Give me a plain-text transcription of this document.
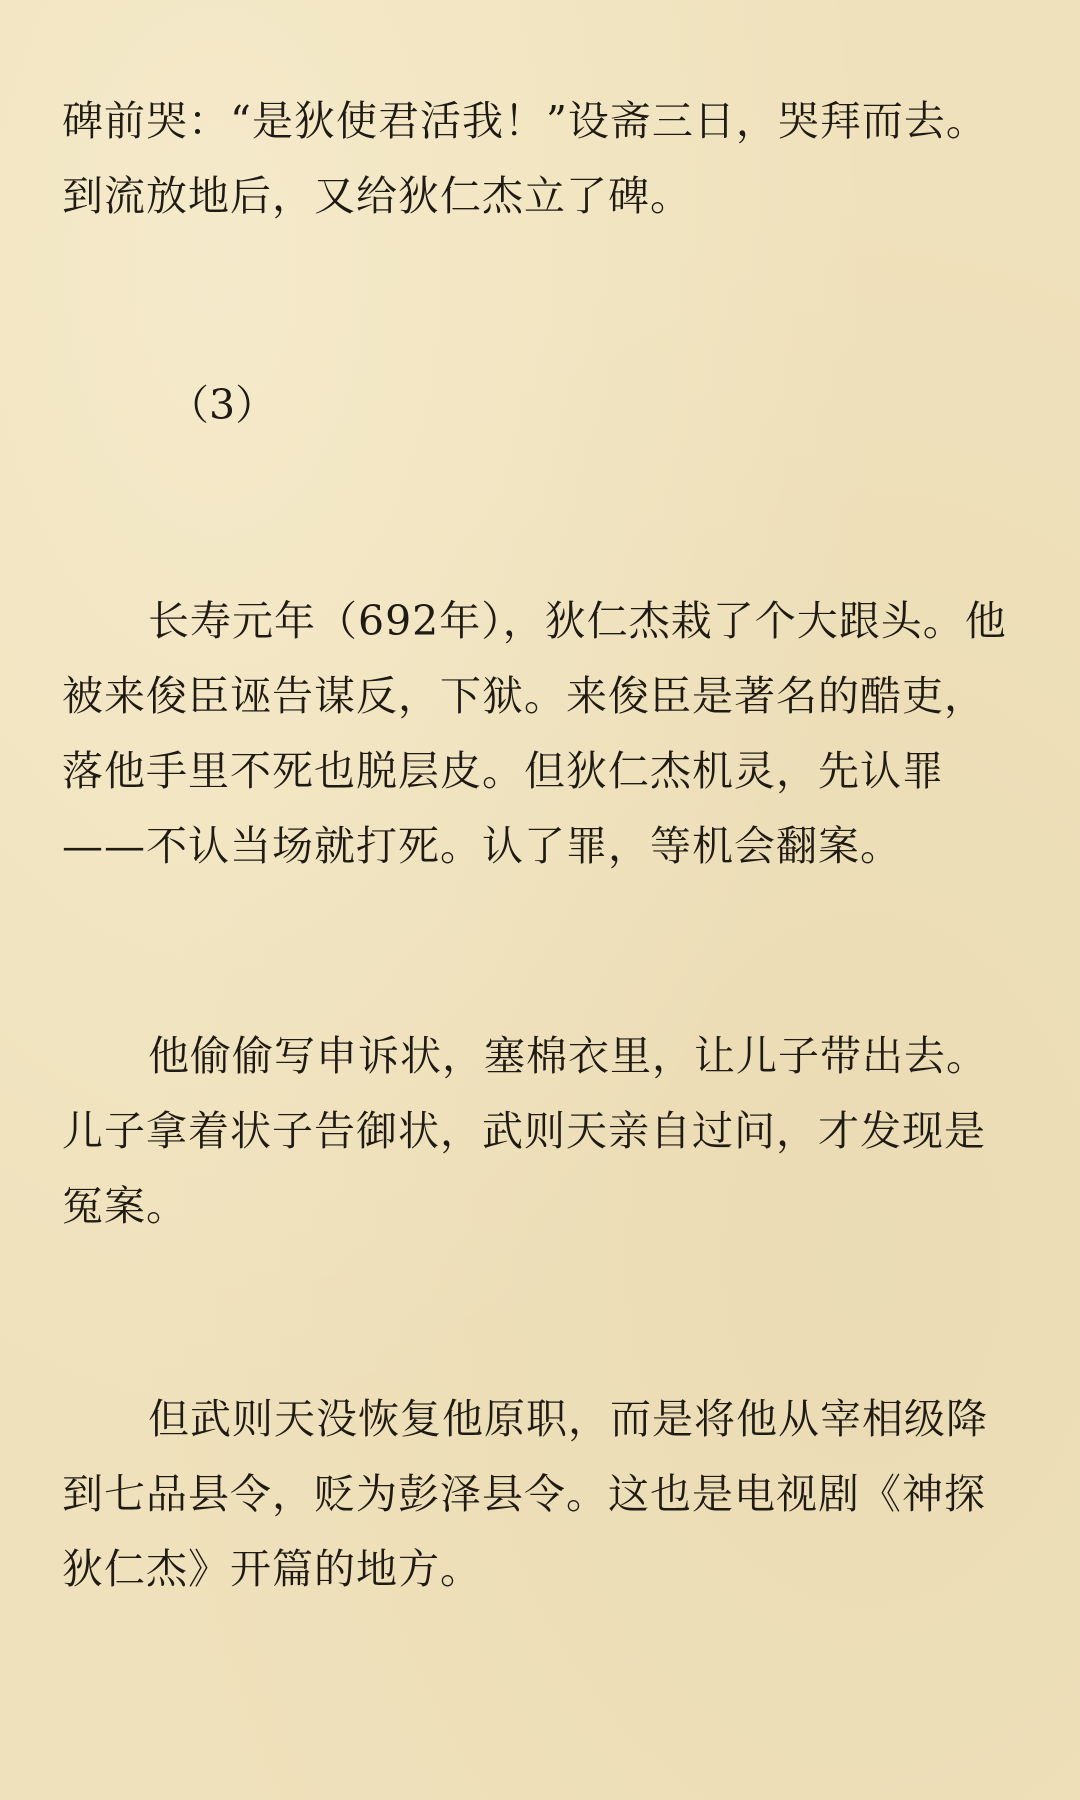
碑前哭：“是狄使君活我！”设斋三日，哭拜而去。到流放地后，又给狄仁杰立了碑。

（3）

长寿元年（692年），狄仁杰栽了个大跟头。他被来俊臣诬告谋反，下狱。来俊臣是著名的酷吏，落他手里不死也脱层皮。但狄仁杰机灵，先认罪——不认当场就打死。认了罪，等机会翻案。

他偷偷写申诉状，塞棉衣里，让儿子带出去。儿子拿着状子告御状，武则天亲自过问，才发现是冤案。

但武则天没恢复他原职，而是将他从宰相级降到七品县令，贬为彭泽县令。这也是电视剧《神探狄仁杰》开篇的地方。
